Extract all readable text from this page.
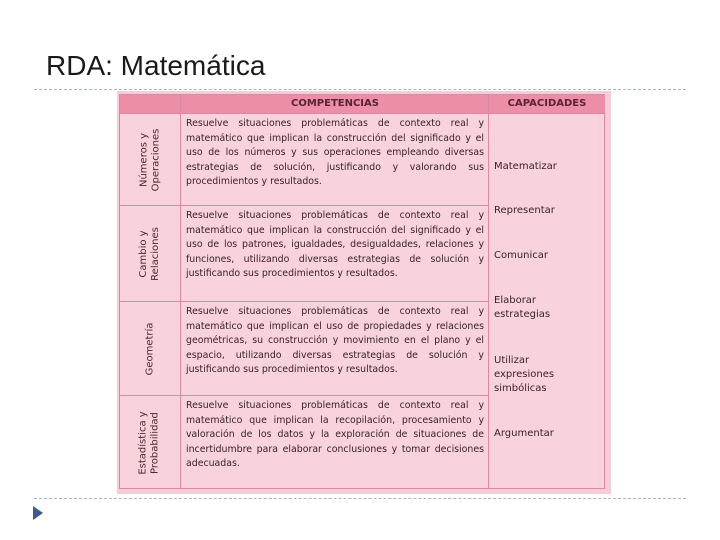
RDA: Matemática
COMPETENCIAS	CAPACIDADES
Números y
Operaciones
Resuelve situaciones problemáticas de contexto real y matemático que implican la construcción del significado y el uso de los números y sus operaciones empleando diversas estrategias de solución, justificando y valorando sus procedimientos y resultados.
Cambio y
Relaciones
Resuelve situaciones problemáticas de contexto real y matemático que implican la construcción del significado y el uso de los patrones, igualdades, desigualdades, relaciones y funciones, utilizando diversas estrategias de solución y justificando sus procedimientos y resultados.
Geometría
Resuelve situaciones problemáticas de contexto real y matemático que implican el uso de propiedades y relaciones geométricas, su construcción y movimiento en el plano y el espacio, utilizando diversas estrategias de solución y justificando sus procedimientos y resultados.
Estadística y
Probabilidad
Resuelve situaciones problemáticas de contexto real y matemático que implican la recopilación, procesamiento y valoración de los datos y la exploración de situaciones de incertidumbre para elaborar conclusiones y tomar decisiones adecuadas.
Matematizar
Representar
Comunicar
Elaborar estrategias
Utilizar expresiones simbólicas
Argumentar
